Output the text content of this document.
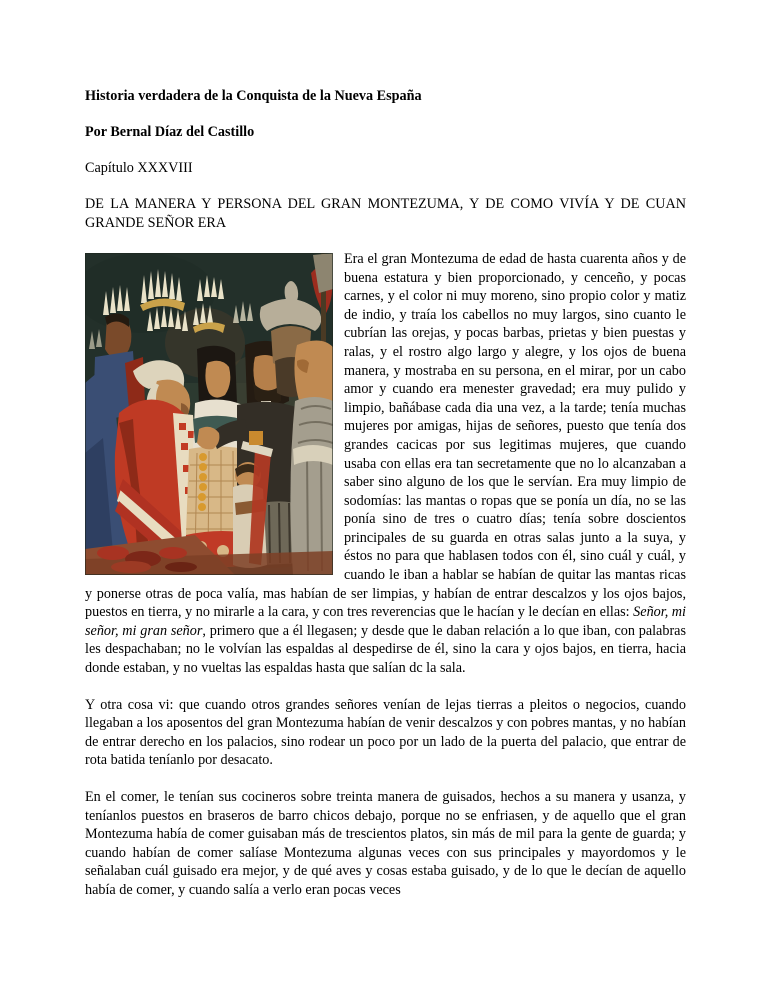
Historia verdadera de la Conquista de la Nueva España

Por Bernal Díaz del Castillo

Capítulo XXXVIII

DE LA MANERA Y PERSONA DEL GRAN MONTEZUMA, Y DE COMO VIVÍA Y DE CUAN GRANDE SEÑOR ERA

Era el gran Montezuma de edad de hasta cuarenta años y de buena estatura y bien proporcionado, y cenceño, y pocas carnes, y el color ni muy moreno, sino propio color y matiz de indio, y traía los cabellos no muy largos, sino cuanto le cubrían las orejas, y pocas barbas, prietas y bien puestas y ralas, y el rostro algo largo y alegre, y los ojos de buena manera, y mostraba en su persona, en el mirar, por un cabo amor y cuando era menester gravedad; era muy pulido y limpio, bañábase cada dia una vez, a la tarde; tenía muchas mujeres por amigas, hijas de señores, puesto que tenía dos grandes cacicas por sus legitimas mujeres, que cuando usaba con ellas era tan secretamente que no lo alcanzaban a saber sino alguno de los que le servían. Era muy limpio de sodomías: las mantas o ropas que se ponía un día, no se las ponía sino de tres o cuatro días; tenía sobre doscientos principales de su guarda en otras salas junto a la suya, y éstos no para que hablasen todos con él, sino cuál y cuál, y cuando le iban a hablar se habían de quitar las mantas ricas y ponerse otras de poca valía, mas habían de ser limpias, y habían de entrar descalzos y los ojos bajos, puestos en tierra, y no mirarle a la cara, y con tres reverencias que le hacían y le decían en ellas: Señor, mi señor, mi gran señor, primero que a él llegasen; y desde que le daban relación a lo que iban, con palabras les despachaban; no le volvían las espaldas al despedirse de él, sino la cara y ojos bajos, en tierra, hacia donde estaban, y no vueltas las espaldas hasta que salían dc la sala.

Y otra cosa vi: que cuando otros grandes señores venían de lejas tierras a pleitos o negocios, cuando llegaban a los aposentos del gran Montezuma habían de venir descalzos y con pobres mantas, y no habían de entrar derecho en los palacios, sino rodear un poco por un lado de la puerta del palacio, que entrar de rota batida teníanlo por desacato.

En el comer, le tenían sus cocineros sobre treinta manera de guisados, hechos a su manera y usanza, y teníanlos puestos en braseros de barro chicos debajo, porque no se enfriasen, y de aquello que el gran Montezuma había de comer guisaban más de trescientos platos, sin más de mil para la gente de guarda; y cuando habían de comer salíase Montezuma algunas veces con sus principales y mayordomos y le señalaban cuál guisado era mejor, y de qué aves y cosas estaba guisado, y de lo que le decían de aquello había de comer, y cuando salía a verlo eran pocas veces
